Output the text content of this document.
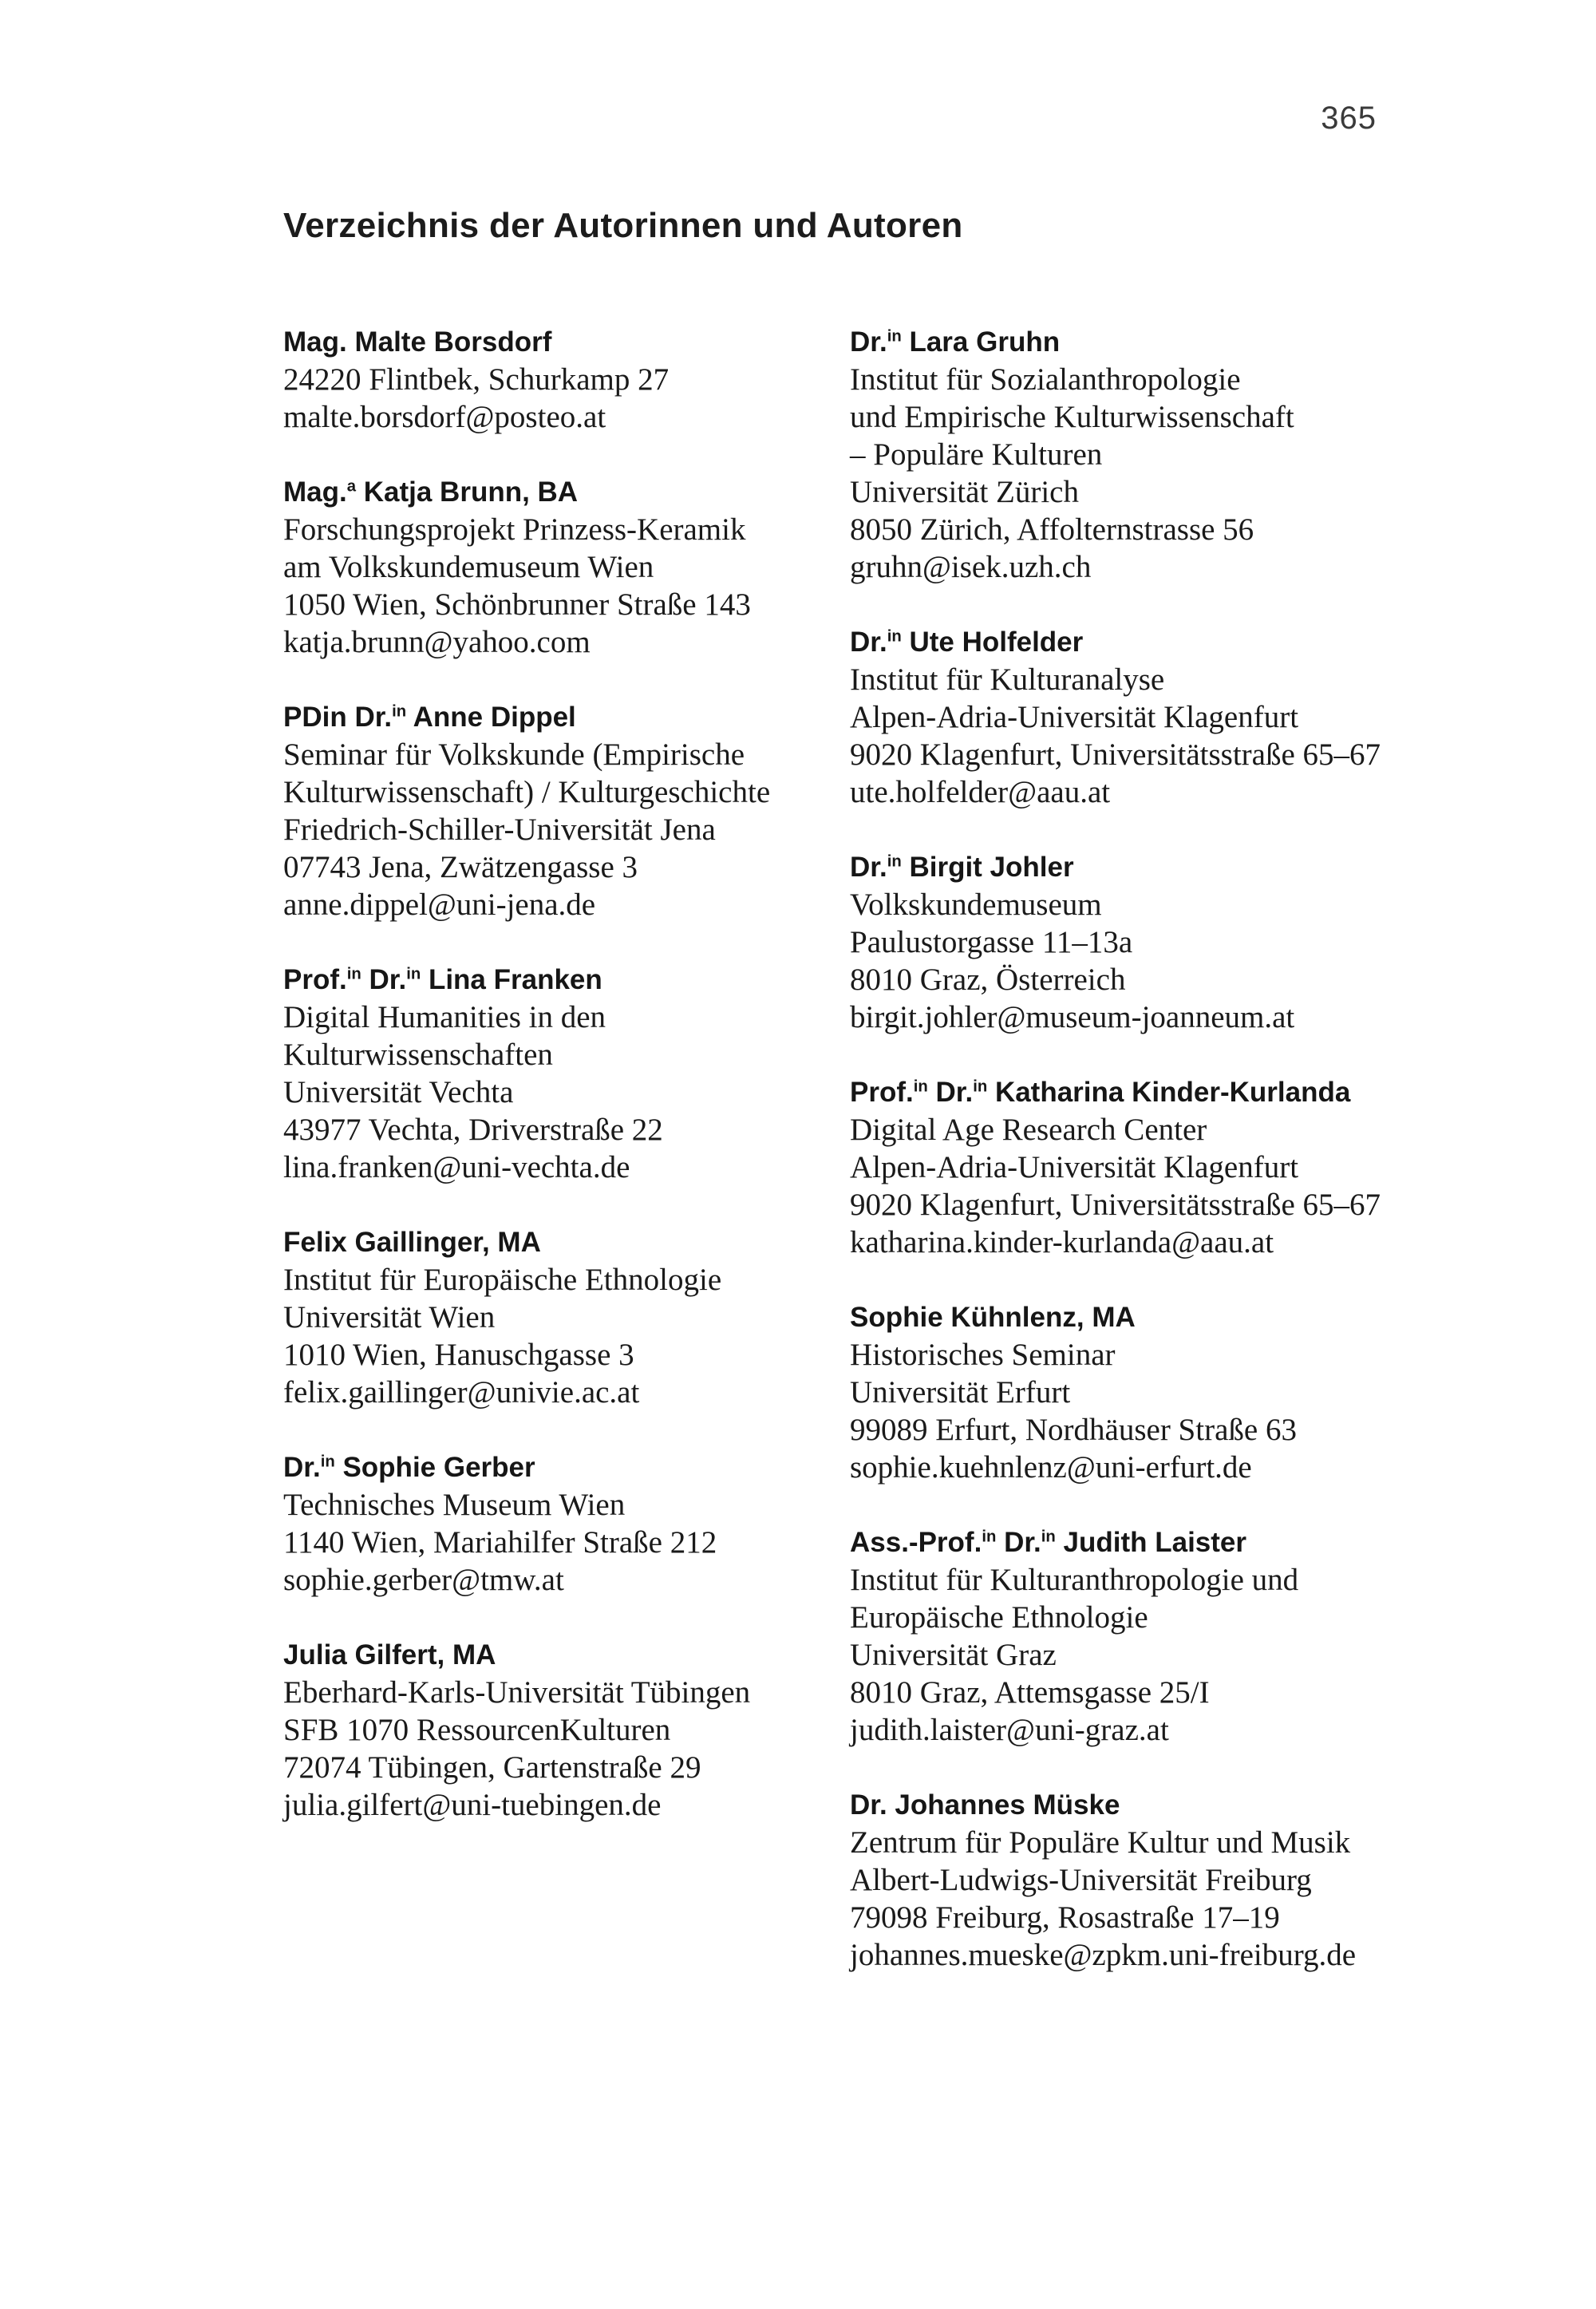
365
Verzeichnis der Autorinnen und Autoren
Mag. Malte Borsdorf
24220 Flintbek, Schurkamp 27
malte.borsdorf@posteo.at
Mag.$^a$ Katja Brunn, BA
Forschungsprojekt Prinzess-Keramik
am Volkskundemuseum Wien
1050 Wien, Schönbrunner Straße 143
katja.brunn@yahoo.com
PDin Dr.$^{in}$ Anne Dippel
Seminar für Volkskunde (Empirische
Kulturwissenschaft) / Kulturgeschichte
Friedrich-Schiller-Universität Jena
07743 Jena, Zwätzengasse 3
anne.dippel@uni-jena.de
Prof.$^{in}$ Dr.$^{in}$ Lina Franken
Digital Humanities in den
Kulturwissenschaften
Universität Vechta
43977 Vechta, Driverstraße 22
lina.franken@uni-vechta.de
Felix Gaillinger, MA
Institut für Europäische Ethnologie
Universität Wien
1010 Wien, Hanuschgasse 3
felix.gaillinger@univie.ac.at
Dr.$^{in}$ Sophie Gerber
Technisches Museum Wien
1140 Wien, Mariahilfer Straße 212
sophie.gerber@tmw.at
Julia Gilfert, MA
Eberhard-Karls-Universität Tübingen
SFB 1070 RessourcenKulturen
72074 Tübingen, Gartenstraße 29
julia.gilfert@uni-tuebingen.de
Dr.$^{in}$ Lara Gruhn
Institut für Sozialanthropologie
und Empirische Kulturwissenschaft
– Populäre Kulturen
Universität Zürich
8050 Zürich, Affolternstrasse 56
gruhn@isek.uzh.ch
Dr.$^{in}$ Ute Holfelder
Institut für Kulturanalyse
Alpen-Adria-Universität Klagenfurt
9020 Klagenfurt, Universitätsstraße 65–67
ute.holfelder@aau.at
Dr.$^{in}$ Birgit Johler
Volkskundemuseum
Paulustorgasse 11–13a
8010 Graz, Österreich
birgit.johler@museum-joanneum.at
Prof.$^{in}$ Dr.$^{in}$ Katharina Kinder-Kurlanda
Digital Age Research Center
Alpen-Adria-Universität Klagenfurt
9020 Klagenfurt, Universitätsstraße 65–67
katharina.kinder-kurlanda@aau.at
Sophie Kühnlenz, MA
Historisches Seminar
Universität Erfurt
99089 Erfurt, Nordhäuser Straße 63
sophie.kuehnlenz@uni-erfurt.de
Ass.-Prof.$^{in}$ Dr.$^{in}$ Judith Laister
Institut für Kulturanthropologie und
Europäische Ethnologie
Universität Graz
8010 Graz, Attemsgasse 25/I
judith.laister@uni-graz.at
Dr. Johannes Müske
Zentrum für Populäre Kultur und Musik
Albert-Ludwigs-Universität Freiburg
79098 Freiburg, Rosastraße 17–19
johannes.mueske@zpkm.uni-freiburg.de
